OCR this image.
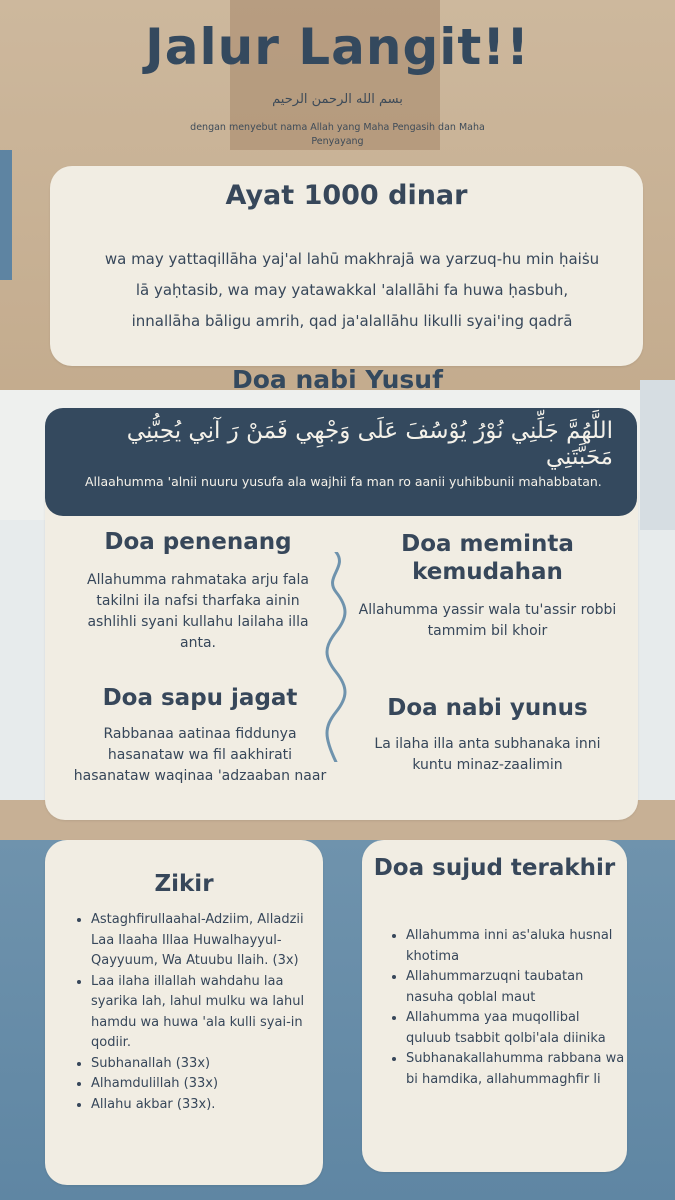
Jalur Langit!!
بسم الله الرحمن الرحيم
dengan menyebut nama Allah yang Maha Pengasih dan Maha Penyayang
Ayat 1000 dinar
wa may yattaqillāha yaj'al lahū makhrajā wa yarzuq-hu min ḥaiṡu lā yaḥtasib, wa may yatawakkal 'alallāhi fa huwa ḥasbuh, innallāha bāligu amrih, qad ja'alallāhu likulli syai'ing qadrā
Doa nabi Yusuf
اللَّهُمَّ جَلِّنِي نُوْرُ يُوْسُفَ عَلَى وَجْهِي فَمَنْ رَ آنِي يُحِبُّنِي مَحَبَّتَنِي
Allaahumma 'alnii nuuru yusufa ala wajhii fa man ro aanii yuhibbunii mahabbatan.
Doa penenang

Allahumma rahmataka arju fala takilni ila nafsi tharfaka ainin ashlihli syani kullahu lailaha illa anta.

Doa meminta kemudahan

Allahumma yassir wala tu'assir robbi tammim bil khoir

Doa sapu jagat

Rabbanaa aatinaa fiddunya hasanataw wa fil aakhirati hasanataw waqinaa 'adzaaban naar

Doa nabi yunus

La ilaha illa anta subhanaka inni kuntu minaz-zaalimin

Zikir
• Astaghfirullaahal-Adziim, Alladzii Laa Ilaaha Illaa Huwalhayyul-Qayyuum, Wa Atuubu Ilaih. (3x)
• Laa ilaha illallah wahdahu laa syarika lah, lahul mulku wa lahul hamdu wa huwa 'ala kulli syai-in qodiir.
• Subhanallah (33x)
• Alhamdulillah (33x)
• Allahu akbar (33x).
Doa sujud terakhir
• Allahumma inni as'aluka husnal khotima
• Allahummarzuqni taubatan nasuha qoblal maut
• Allahumma yaa muqollibal quluub tsabbit qolbi'ala diinika
• Subhanakallahumma rabbana wa bi hamdika, allahummaghfir li
